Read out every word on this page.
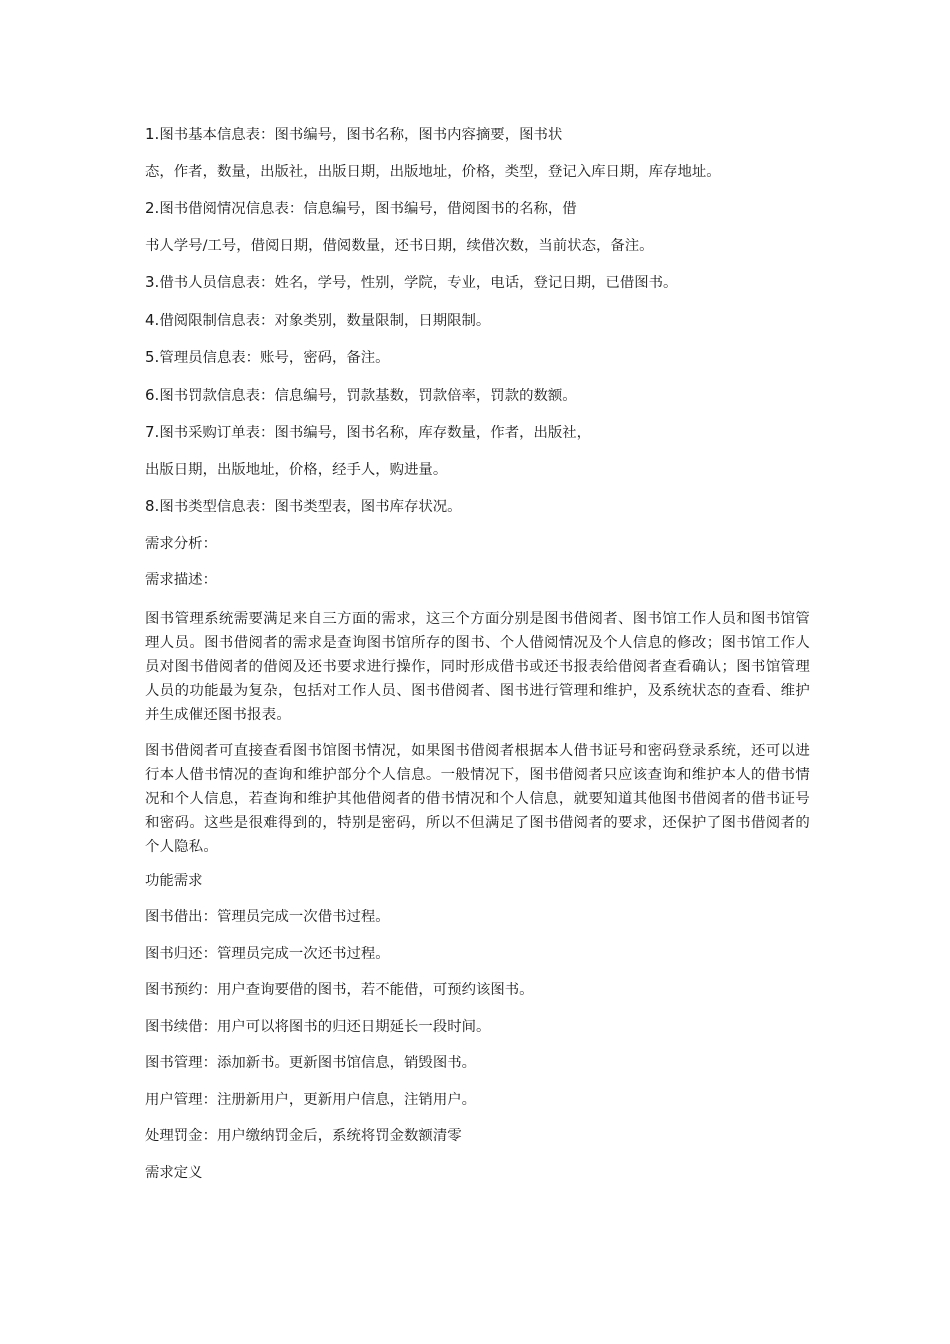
1.图书基本信息表：图书编号，图书名称，图书内容摘要，图书状
态，作者，数量，出版社，出版日期，出版地址，价格，类型，登记入库日期，库存地址。
2.图书借阅情况信息表：信息编号，图书编号，借阅图书的名称，借
书人学号/工号，借阅日期，借阅数量，还书日期，续借次数，当前状态，备注。
3.借书人员信息表：姓名，学号，性别，学院，专业，电话，登记日期，已借图书。
4.借阅限制信息表：对象类别，数量限制，日期限制。
5.管理员信息表：账号，密码，备注。
6.图书罚款信息表：信息编号，罚款基数，罚款倍率，罚款的数额。
7.图书采购订单表：图书编号，图书名称，库存数量，作者，出版社，
出版日期，出版地址，价格，经手人，购进量。
8.图书类型信息表：图书类型表，图书库存状况。
需求分析：
需求描述：
图书管理系统需要满足来自三方面的需求，这三个方面分别是图书借阅者、图书馆工作人员和图书馆管理人员。图书借阅者的需求是查询图书馆所存的图书、个人借阅情况及个人信息的修改；图书馆工作人员对图书借阅者的借阅及还书要求进行操作，同时形成借书或还书报表给借阅者查看确认；图书馆管理人员的功能最为复杂，包括对工作人员、图书借阅者、图书进行管理和维护，及系统状态的查看、维护并生成催还图书报表。
图书借阅者可直接查看图书馆图书情况，如果图书借阅者根据本人借书证号和密码登录系统，还可以进行本人借书情况的查询和维护部分个人信息。一般情况下，图书借阅者只应该查询和维护本人的借书情况和个人信息，若查询和维护其他借阅者的借书情况和个人信息，就要知道其他图书借阅者的借书证号和密码。这些是很难得到的，特别是密码，所以不但满足了图书借阅者的要求，还保护了图书借阅者的个人隐私。
功能需求
图书借出：管理员完成一次借书过程。
图书归还：管理员完成一次还书过程。
图书预约：用户查询要借的图书，若不能借，可预约该图书。
图书续借：用户可以将图书的归还日期延长一段时间。
图书管理：添加新书。更新图书馆信息，销毁图书。
用户管理：注册新用户，更新用户信息，注销用户。
处理罚金：用户缴纳罚金后，系统将罚金数额清零
需求定义
